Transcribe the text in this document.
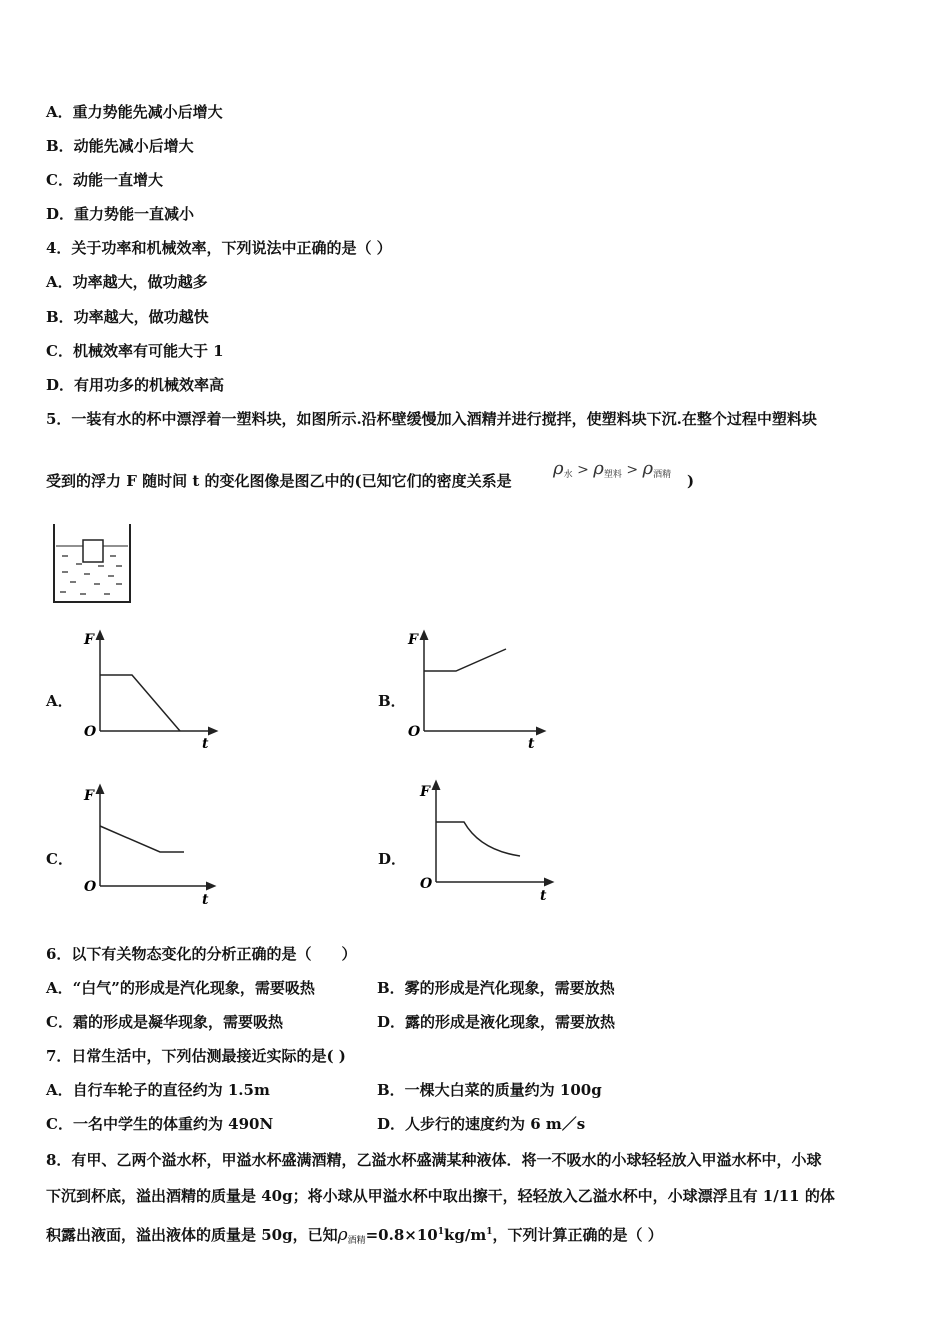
A．重力势能先减小后增大
B．动能先减小后增大
C．动能一直增大
D．重力势能一直减小
4．关于功率和机械效率，下列说法中正确的是（ ）
A．功率越大，做功越多
B．功率越大，做功越快
C．机械效率有可能大于 1
D．有用功多的机械效率高
5．一装有水的杯中漂浮着一塑料块，如图所示.沿杯壁缓慢加入酒精并进行搅拌，使塑料块下沉.在整个过程中塑料块
受到的浮力 F 随时间 t 的变化图像是图乙中的(已知它们的密度关系是
$\rho_水 > \rho_{塑料} > \rho_{酒精}$ )
A．	B．
C．	D．
F
O
t
F
O
t
F
O
t
F
O
t
6．以下有关物态变化的分析正确的是（　　）
A．“白气”的形成是汽化现象，需要吸热	B．雾的形成是汽化现象，需要放热
C．霜的形成是凝华现象，需要吸热	D．露的形成是液化现象，需要放热
7．日常生活中，下列估测最接近实际的是( )
A．自行车轮子的直径约为 1.5m	B．一棵大白菜的质量约为 100g
C．一名中学生的体重约为 490N	D．人步行的速度约为 6 m／s
8．有甲、乙两个溢水杯，甲溢水杯盛满酒精，乙溢水杯盛满某种液体．将一不吸水的小球轻轻放入甲溢水杯中，小球
下沉到杯底，溢出酒精的质量是 40g；将小球从甲溢水杯中取出擦干，轻轻放入乙溢水杯中，小球漂浮且有 1/11 的体
积露出液面，溢出液体的质量是 50g，已知$\rho_{酒精}=0.8\times 10^1kg/m^1$，下列计算正确的是（ ）
